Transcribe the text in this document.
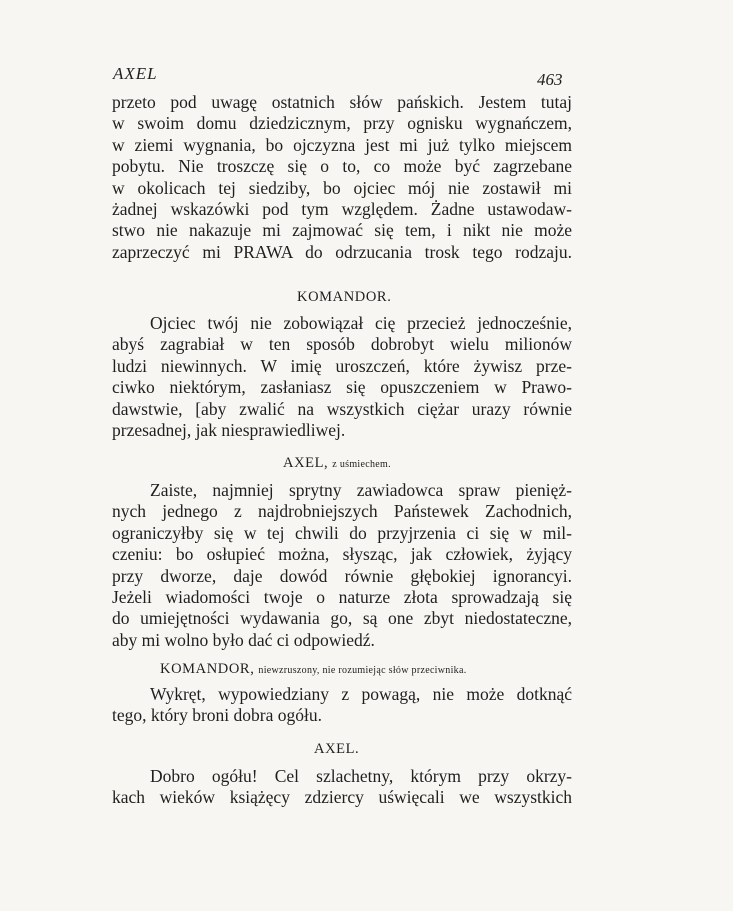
AXEL	463
przeto pod uwagę ostatnich słów pańskich. Jestem tutaj
w swoim domu dziedzicznym, przy ognisku wygnańczem,
w ziemi wygnania, bo ojczyzna jest mi już tylko miejscem
pobytu. Nie troszczę się o to, co może być zagrzebane
w okolicach tej siedziby, bo ojciec mój nie zostawił mi
żadnej wskazówki pod tym względem. Żadne ustawodaw-
stwo nie nakazuje mi zajmować się tem, i nikt nie może
zaprzeczyć mi PRAWA do odrzucania trosk tego rodzaju.
KOMANDOR.
Ojciec twój nie zobowiązał cię przecież jednocześnie,
abyś zagrabiał w ten sposób dobrobyt wielu milionów
ludzi niewinnych. W imię uroszczeń, które żywisz prze-
ciwko niektórym, zasłaniasz się opuszczeniem w Prawo-
dawstwie, [aby zwalić na wszystkich ciężar urazy równie
przesadnej, jak niesprawiedliwej.
AXEL, z uśmiechem.
Zaiste, najmniej sprytny zawiadowca spraw pienięż-
nych jednego z najdrobniejszych Państewek Zachodnich,
ograniczyłby się w tej chwili do przyjrzenia ci się w mil-
czeniu: bo osłupieć można, słysząc, jak człowiek, żyjący
przy dworze, daje dowód równie głębokiej ignorancyi.
Jeżeli wiadomości twoje o naturze złota sprowadzają się
do umiejętności wydawania go, są one zbyt niedostateczne,
aby mi wolno było dać ci odpowiedź.
KOMANDOR, niewzruszony, nie rozumiejąc słów przeciwnika.
Wykręt, wypowiedziany z powagą, nie może dotknąć
tego, który broni dobra ogółu.
AXEL.
Dobro ogółu! Cel szlachetny, którym przy okrzy-
kach wieków książęcy zdziercy uświęcali we wszystkich
